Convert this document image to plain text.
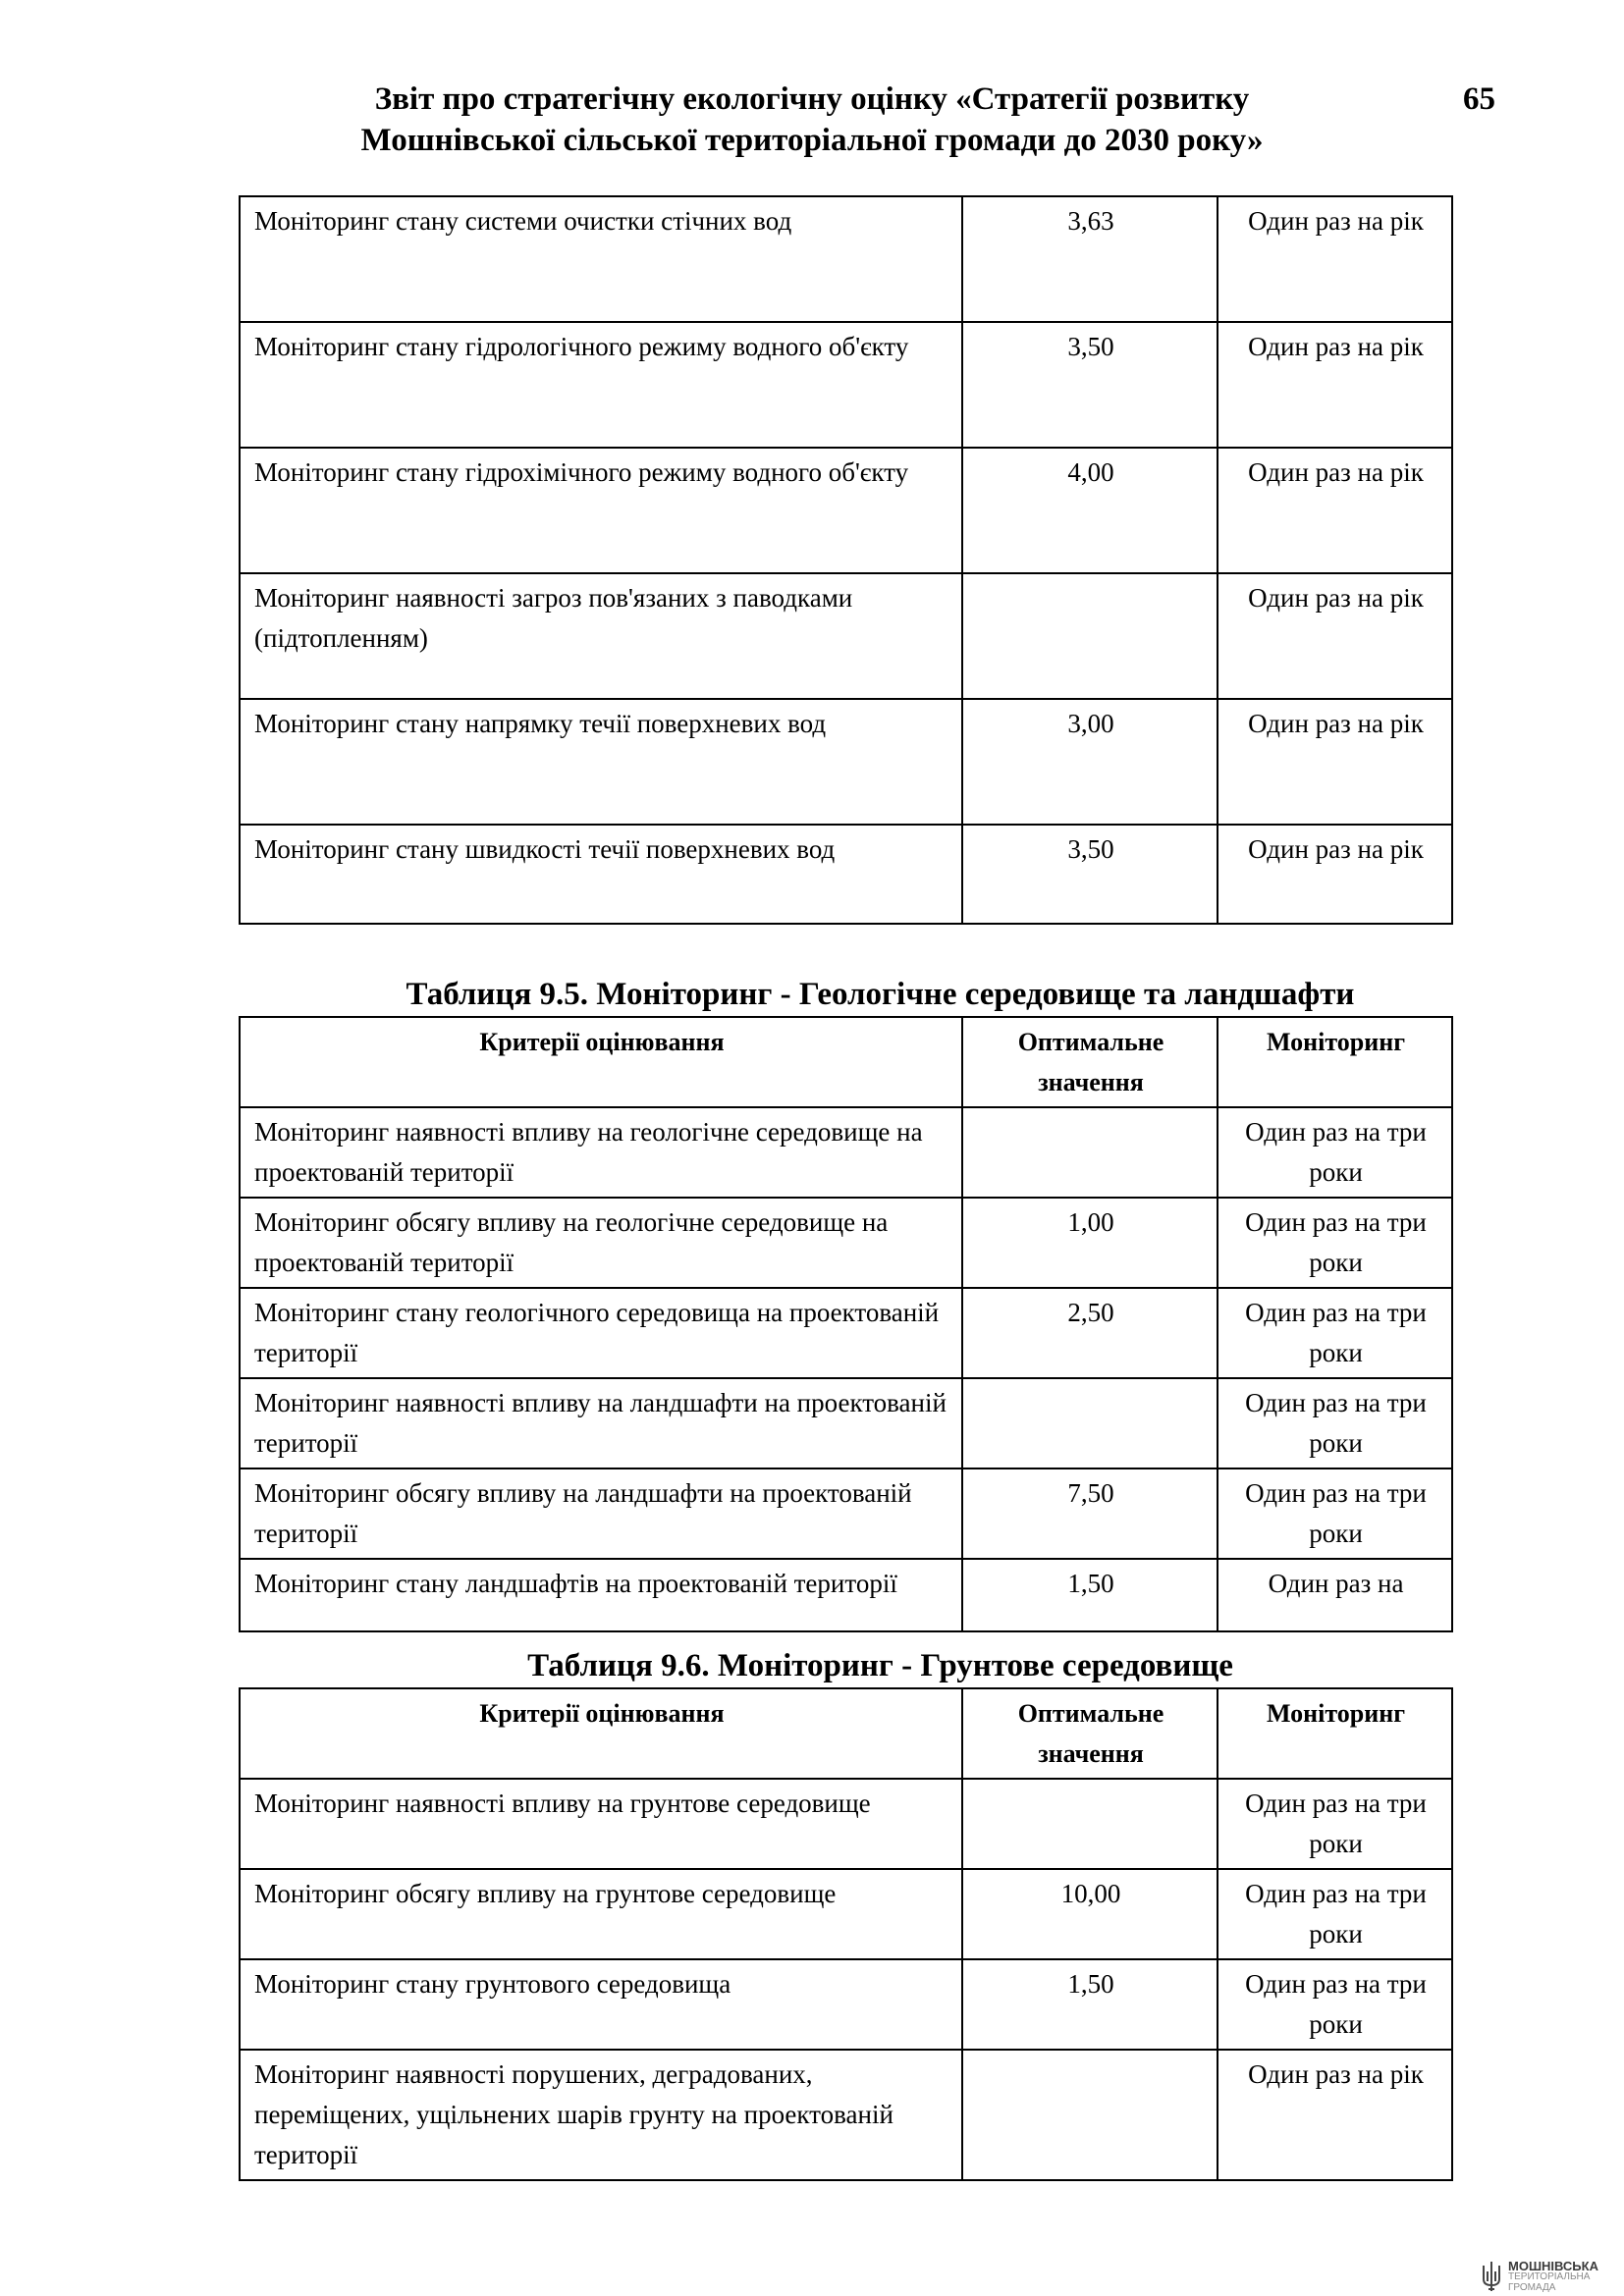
Звіт про стратегічну екологічну оцінку «Стратегії розвитку
Мошнівської сільської територіальної громади до 2030 року»
65
Моніторинг стану системи очистки стічних вод	3,63	Один раз на рік
Моніторинг стану гідрологічного режиму водного об'єкту	3,50	Один раз на рік
Моніторинг стану гідрохімічного режиму водного об'єкту	4,00	Один раз на рік
Моніторинг наявності загроз пов'язаних з паводками (підтопленням)		Один раз на рік
Моніторинг стану напрямку течії поверхневих вод	3,00	Один раз на рік
Моніторинг стану швидкості течії поверхневих вод	3,50	Один раз на рік
Таблиця 9.5. Моніторинг - Геологічне середовище та ландшафти
Критерії оцінювання	Оптимальне значення	Моніторинг
Моніторинг наявності впливу на геологічне середовище на проектованій території		Один раз на три роки
Моніторинг обсягу впливу на геологічне середовище на проектованій території	1,00	Один раз на три роки
Моніторинг стану геологічного середовища на проектованій території	2,50	Один раз на три роки
Моніторинг наявності впливу на ландшафти на проектованій території		Один раз на три роки
Моніторинг обсягу впливу на ландшафти на проектованій території	7,50	Один раз на три роки
Моніторинг стану ландшафтів на проектованій території	1,50	Один раз на
Таблиця 9.6. Моніторинг - Грунтове середовище
Критерії оцінювання	Оптимальне значення	Моніторинг
Моніторинг наявності впливу на грунтове середовище		Один раз на три роки
Моніторинг обсягу впливу на грунтове середовище	10,00	Один раз на три роки
Моніторинг стану грунтового середовища	1,50	Один раз на три роки
Моніторинг наявності порушених, деградованих, переміщених, ущільнених шарів грунту на проектованій території		Один раз на рік
МОШНІВСЬКА
ТЕРИТОРІАЛЬНА
ГРОМАДА
